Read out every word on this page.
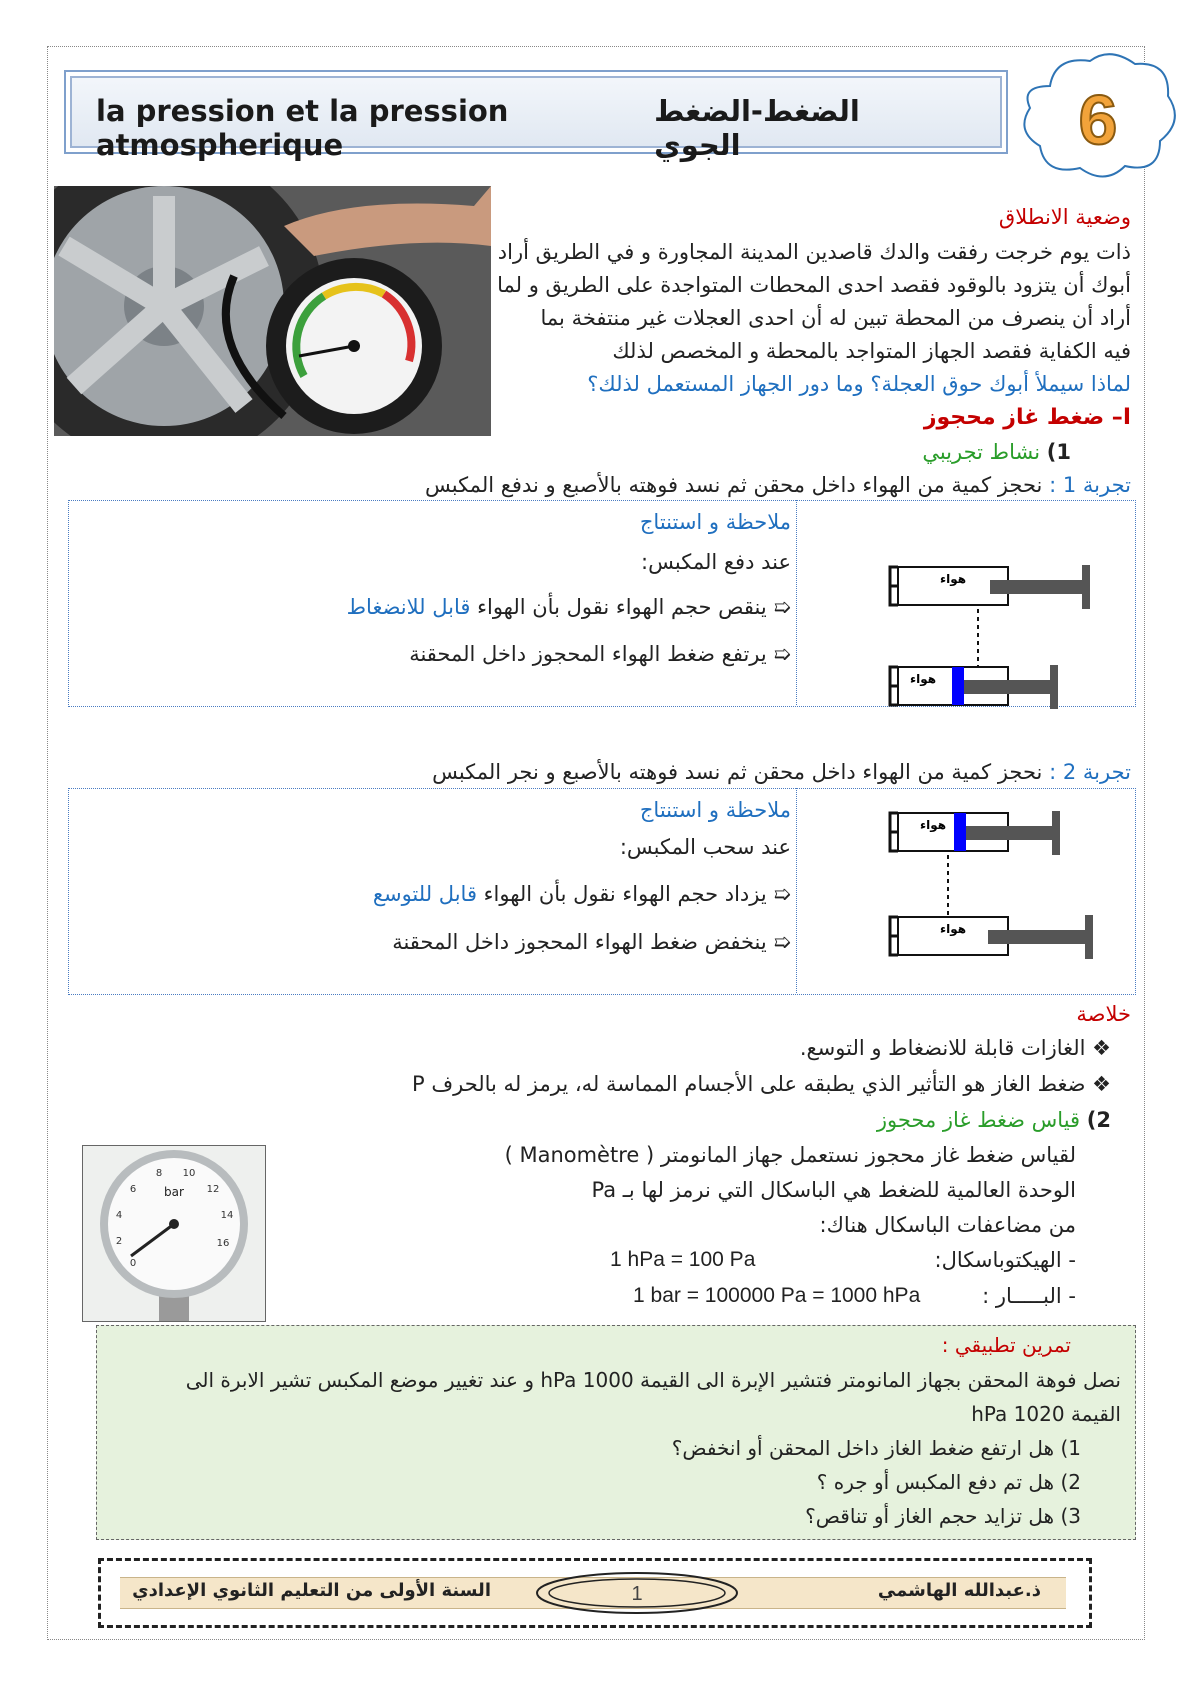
la pression et la pression atmospherique
الضغط-الضغط الجوي	6
وضعية الانطلاق
ذات يوم خرجت رفقت والدك قاصدين المدينة المجاورة و في الطريق أراد
أبوك أن يتزود بالوقود فقصد احدى المحطات المتواجدة على الطريق و لما
أراد أن ينصرف من المحطة تبين له أن احدى العجلات غير منتفخة بما
فيه الكفاية فقصد الجهاز المتواجد بالمحطة و المخصص لذلك
لماذا سيملأ أبوك حوق العجلة؟ وما دور الجهاز المستعمل لذلك؟
I– ضغط غاز محجوز
1) نشاط تجريبي
تجربة 1 : نحجز كمية من الهواء داخل محقن ثم نسد فوهته بالأصبع و ندفع المكبس
ملاحظة و استنتاج
عند دفع المكبس:
➯ ينقص حجم الهواء نقول بأن الهواء قابل للانضغاط
➯ يرتفع ضغط الهواء المحجوز داخل المحقنة
هواء
هواء
تجربة 2 : نحجز كمية من الهواء داخل محقن ثم نسد فوهته بالأصبع و نجر المكبس
ملاحظة و استنتاج
عند سحب المكبس:
➯ يزداد حجم الهواء نقول بأن الهواء قابل للتوسع
➯ ينخفض ضغط الهواء المحجوز داخل المحقنة
هواء
هواء
خلاصة
❖ الغازات قابلة للانضغاط و التوسع.
❖ ضغط الغاز هو التأثير الذي يطبقه على الأجسام المماسة له، يرمز له بالحرف P
2) قياس ضغط غاز محجوز
لقياس ضغط غاز محجوز نستعمل جهاز المانومتر ( Manomètre )
الوحدة العالمية للضغط هي الباسكال التي نرمز لها بـ Pa
من مضاعفات الباسكال هناك:
- الهيكتوباسكال:
1 hPa = 100 Pa
- البـــــار :
1 bar = 100000 Pa = 1000 hPa
0
2
4
6
8 10
12
14
16
bar
تمرين تطبيقي :
نصل فوهة المحقن بجهاز المانومتر فتشير الإبرة الى القيمة 1000 hPa و عند تغيير موضع المكبس تشير الابرة الى
القيمة 1020 hPa
1) هل ارتفع ضغط الغاز داخل المحقن أو انخفض؟
2) هل تم دفع المكبس أو جره ؟
3) هل تزايد حجم الغاز أو تناقص؟
ذ.عبدالله الهاشمي
1
السنة الأولى من التعليم الثانوي الإعدادي
